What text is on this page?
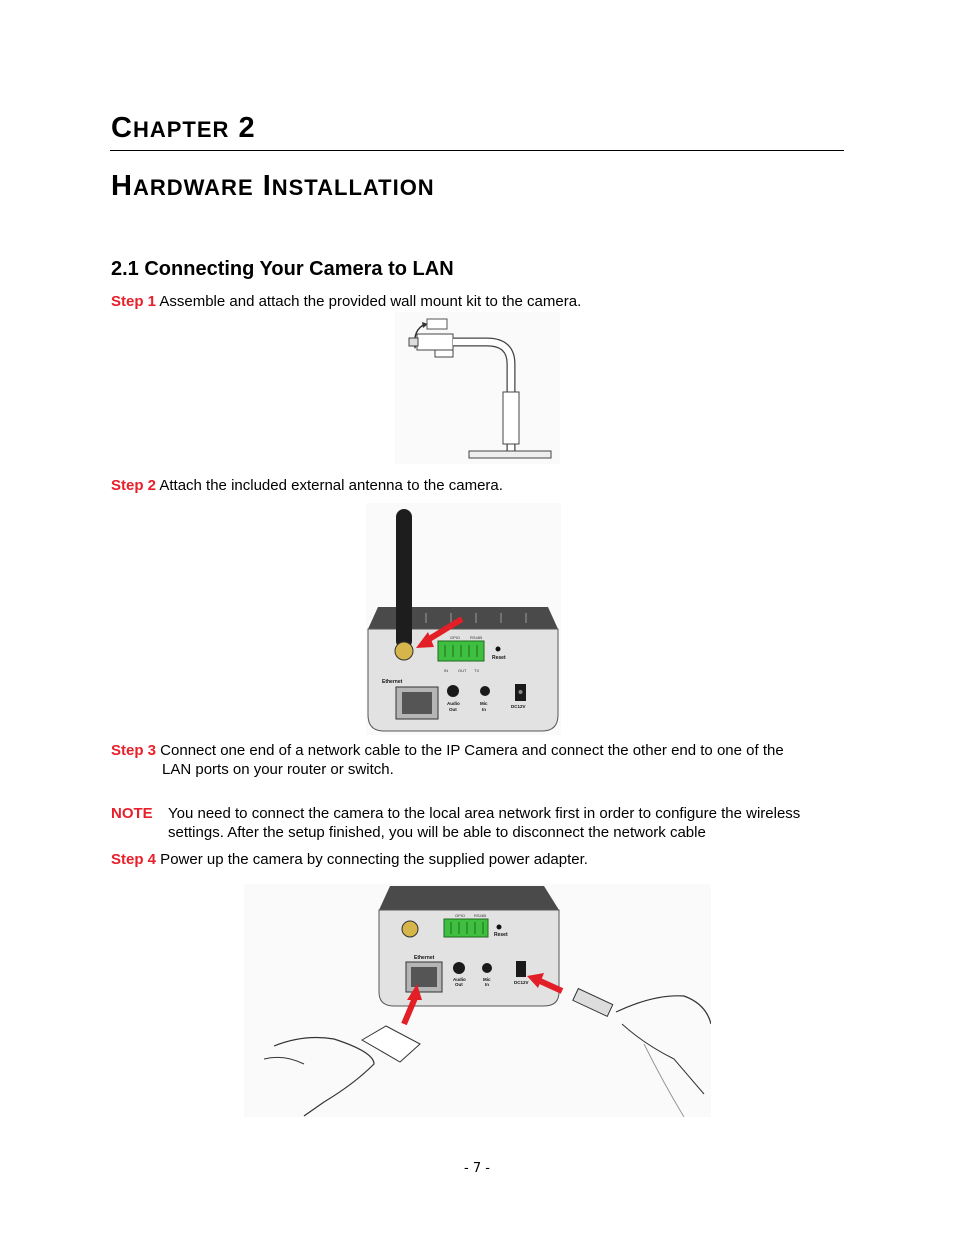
CHAPTER 2
HARDWARE INSTALLATION
2.1 Connecting Your Camera to LAN

Step 1 Assemble and attach the provided wall mount kit to the camera.

Step 2 Attach the included external antenna to the camera.

GPIO RS485
IN	OUT TX
Reset
Ethernet
Audio
Out
Mic
In
DC12V

Step 3 Connect one end of a network cable to the IP Camera and connect the other end to one of the

LAN ports on your router or switch.

NOTE You need to connect the camera to the local area network first in order to configure the wireless

settings. After the setup finished, you will be able to disconnect the network cable

Step 4 Power up the camera by connecting the supplied power adapter.

GPIO RS485
Reset
Ethernet
Audio
Out
Mic
In	DC12V
- 7 -
